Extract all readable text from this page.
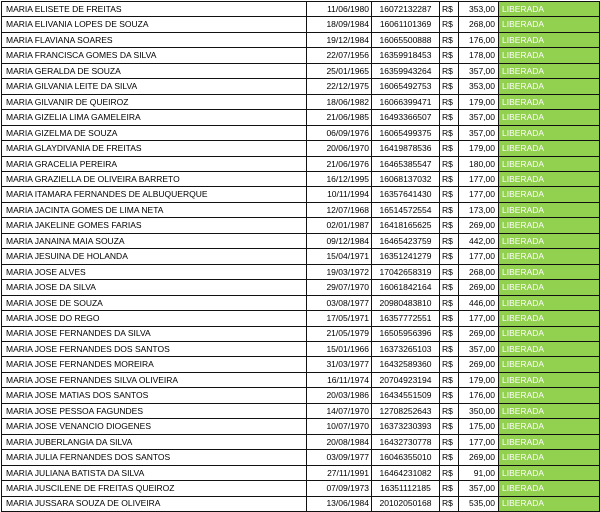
MARIA ELISETE DE FREITAS	11/06/1980	16072132287	R$	353,00	LIBERADA
MARIA ELIVANIA LOPES DE SOUZA	18/09/1984	16061101369	R$	268,00	LIBERADA
MARIA FLAVIANA SOARES	19/12/1984	16065500888	R$	176,00	LIBERADA
MARIA FRANCISCA GOMES DA SILVA	22/07/1956	16359918453	R$	178,00	LIBERADA
MARIA GERALDA DE SOUZA	25/01/1965	16359943264	R$	357,00	LIBERADA
MARIA GILVANIA LEITE DA SILVA	22/12/1975	16065492753	R$	353,00	LIBERADA
MARIA GILVANIR DE QUEIROZ	18/06/1982	16066399471	R$	179,00	LIBERADA
MARIA GIZELIA LIMA GAMELEIRA	21/06/1985	16493366507	R$	357,00	LIBERADA
MARIA GIZELMA DE SOUZA	06/09/1976	16065499375	R$	357,00	LIBERADA
MARIA GLAYDIVANIA DE FREITAS	20/06/1970	16419878536	R$	179,00	LIBERADA
MARIA GRACELIA PEREIRA	21/06/1976	16465385547	R$	180,00	LIBERADA
MARIA GRAZIELLA DE OLIVEIRA BARRETO	16/12/1995	16068137032	R$	177,00	LIBERADA
MARIA ITAMARA FERNANDES DE ALBUQUERQUE	10/11/1994	16357641430	R$	177,00	LIBERADA
MARIA JACINTA GOMES DE LIMA NETA	12/07/1968	16514572554	R$	173,00	LIBERADA
MARIA JAKELINE GOMES FARIAS	02/01/1987	16418165625	R$	269,00	LIBERADA
MARIA JANAINA MAIA SOUZA	09/12/1984	16465423759	R$	442,00	LIBERADA
MARIA JESUINA DE HOLANDA	15/04/1971	16351241279	R$	177,00	LIBERADA
MARIA JOSE ALVES	19/03/1972	17042658319	R$	268,00	LIBERADA
MARIA JOSE DA SILVA	29/07/1970	16061842164	R$	269,00	LIBERADA
MARIA JOSE DE SOUZA	03/08/1977	20980483810	R$	446,00	LIBERADA
MARIA JOSE DO REGO	17/05/1971	16357772551	R$	177,00	LIBERADA
MARIA JOSE FERNANDES DA SILVA	21/05/1979	16505956396	R$	269,00	LIBERADA
MARIA JOSE FERNANDES DOS SANTOS	15/01/1966	16373265103	R$	357,00	LIBERADA
MARIA JOSE FERNANDES MOREIRA	31/03/1977	16432589360	R$	269,00	LIBERADA
MARIA JOSE FERNANDES SILVA OLIVEIRA	16/11/1974	20704923194	R$	179,00	LIBERADA
MARIA JOSE MATIAS DOS SANTOS	20/03/1986	16434551509	R$	176,00	LIBERADA
MARIA JOSE PESSOA FAGUNDES	14/07/1970	12708252643	R$	350,00	LIBERADA
MARIA JOSE VENANCIO DIOGENES	10/07/1970	16373230393	R$	175,00	LIBERADA
MARIA JUBERLANGIA DA SILVA	20/08/1984	16432730778	R$	177,00	LIBERADA
MARIA JULIA FERNANDES DOS SANTOS	03/09/1977	16046355010	R$	269,00	LIBERADA
MARIA JULIANA BATISTA DA SILVA	27/11/1991	16464231082	R$	91,00	LIBERADA
MARIA JUSCILENE DE FREITAS QUEIROZ	07/09/1973	16351112185	R$	357,00	LIBERADA
MARIA JUSSARA SOUZA DE OLIVEIRA	13/06/1984	20102050168	R$	535,00	LIBERADA
